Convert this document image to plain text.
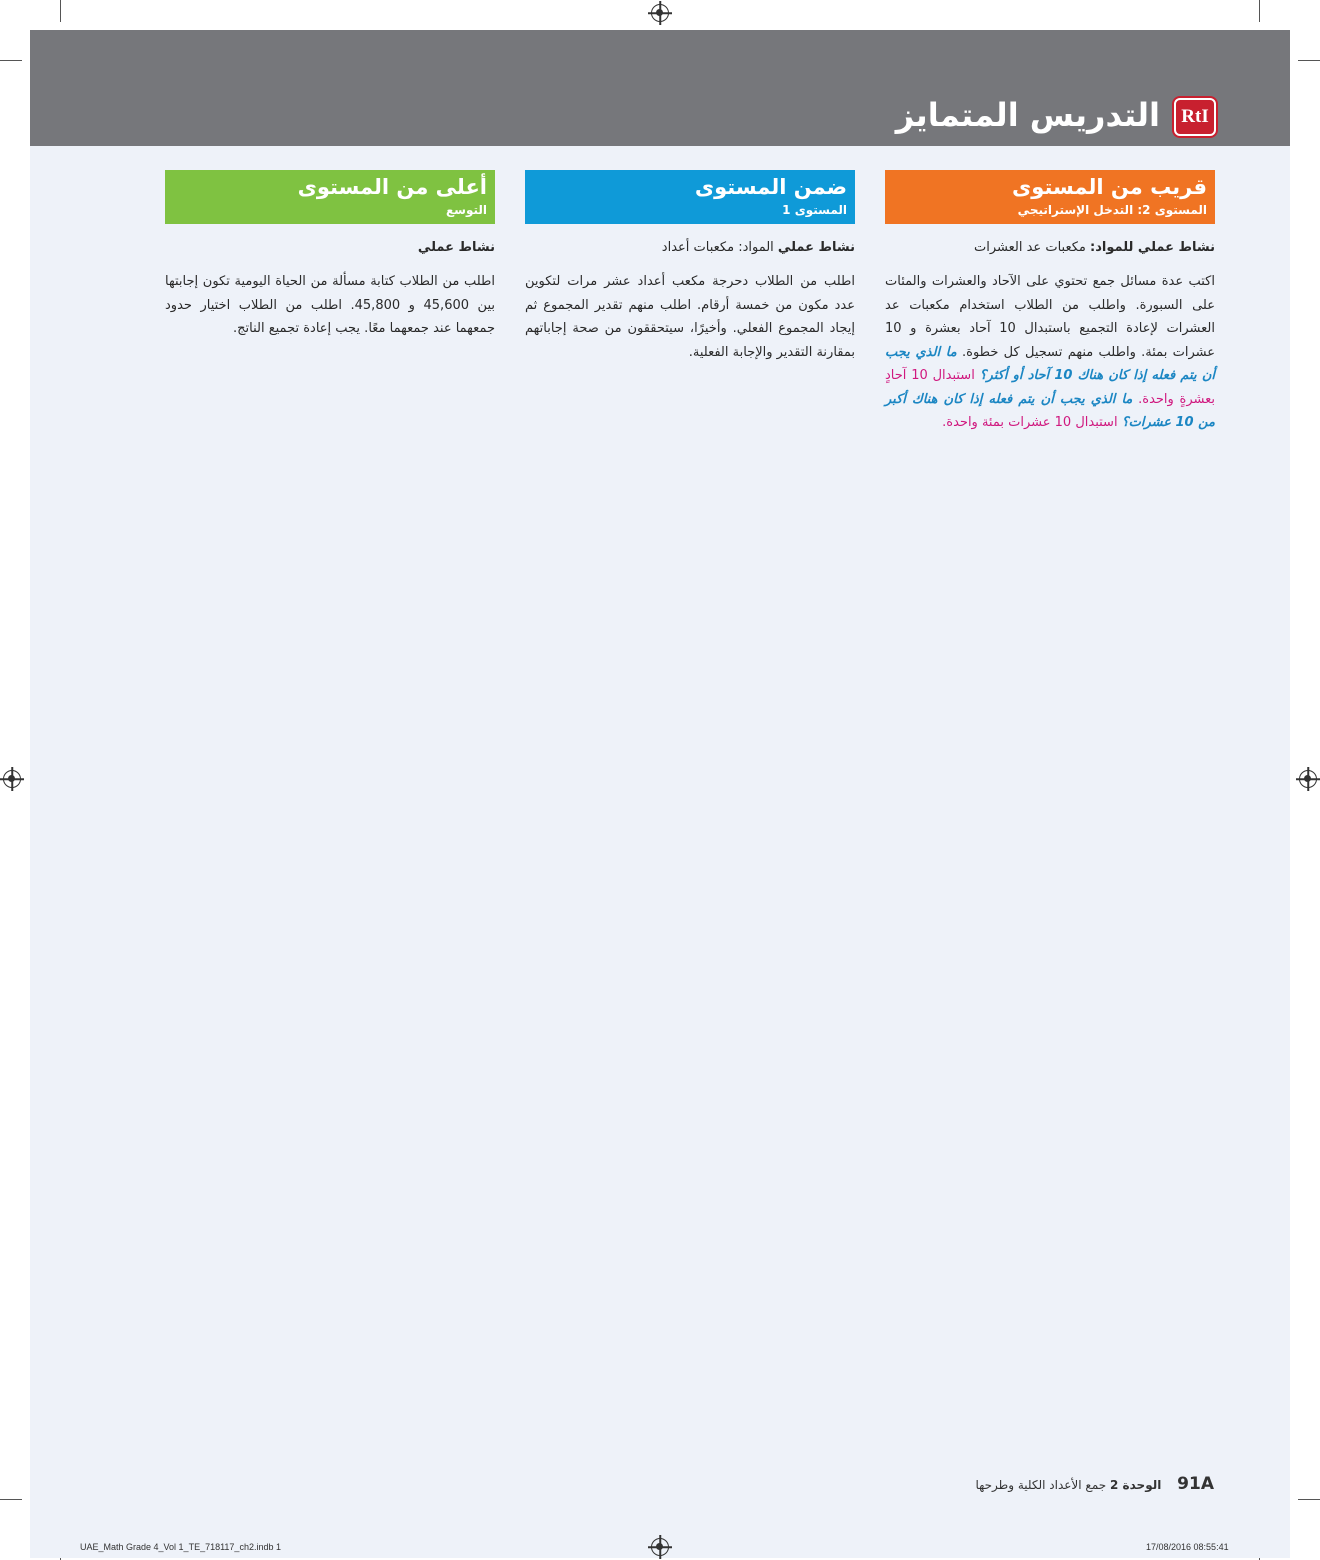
RtI
التدريس المتمايز
قريب من المستوى
المستوى 2: التدخل الإستراتيجي
نشاط عملي للمواد: مكعبات عد العشرات
اكتب عدة مسائل جمع تحتوي على الآحاد والعشرات والمئات على السبورة. واطلب من الطلاب استخدام مكعبات عد العشرات لإعادة التجميع باستبدال 10 آحاد بعشرة و 10 عشرات بمئة. واطلب منهم تسجيل كل خطوة. ما الذي يجب أن يتم فعله إذا كان هناك 10 آحاد أو أكثر؟ استبدال 10 آحادٍ بعشرةٍ واحدة. ما الذي يجب أن يتم فعله إذا كان هناك أكبر من 10 عشرات؟ استبدال 10 عشرات بمئة واحدة.
ضمن المستوى
المستوى 1
نشاط عملي المواد: مكعبات أعداد
اطلب من الطلاب دحرجة مكعب أعداد عشر مرات لتكوين عدد مكون من خمسة أرقام. اطلب منهم تقدير المجموع ثم إيجاد المجموع الفعلي. وأخيرًا، سيتحققون من صحة إجاباتهم بمقارنة التقدير والإجابة الفعلية.
أعلى من المستوى
التوسع
نشاط عملي
اطلب من الطلاب كتابة مسألة من الحياة اليومية تكون إجابتها بين 45,600 و 45,800. اطلب من الطلاب اختيار حدود جمعهما عند جمعهما معًا. يجب إعادة تجميع الناتج.
91A الوحدة 2 جمع الأعداد الكلية وطرحها
UAE_Math Grade 4_Vol 1_TE_718117_ch2.indb 1	17/08/2016 08:55:41
